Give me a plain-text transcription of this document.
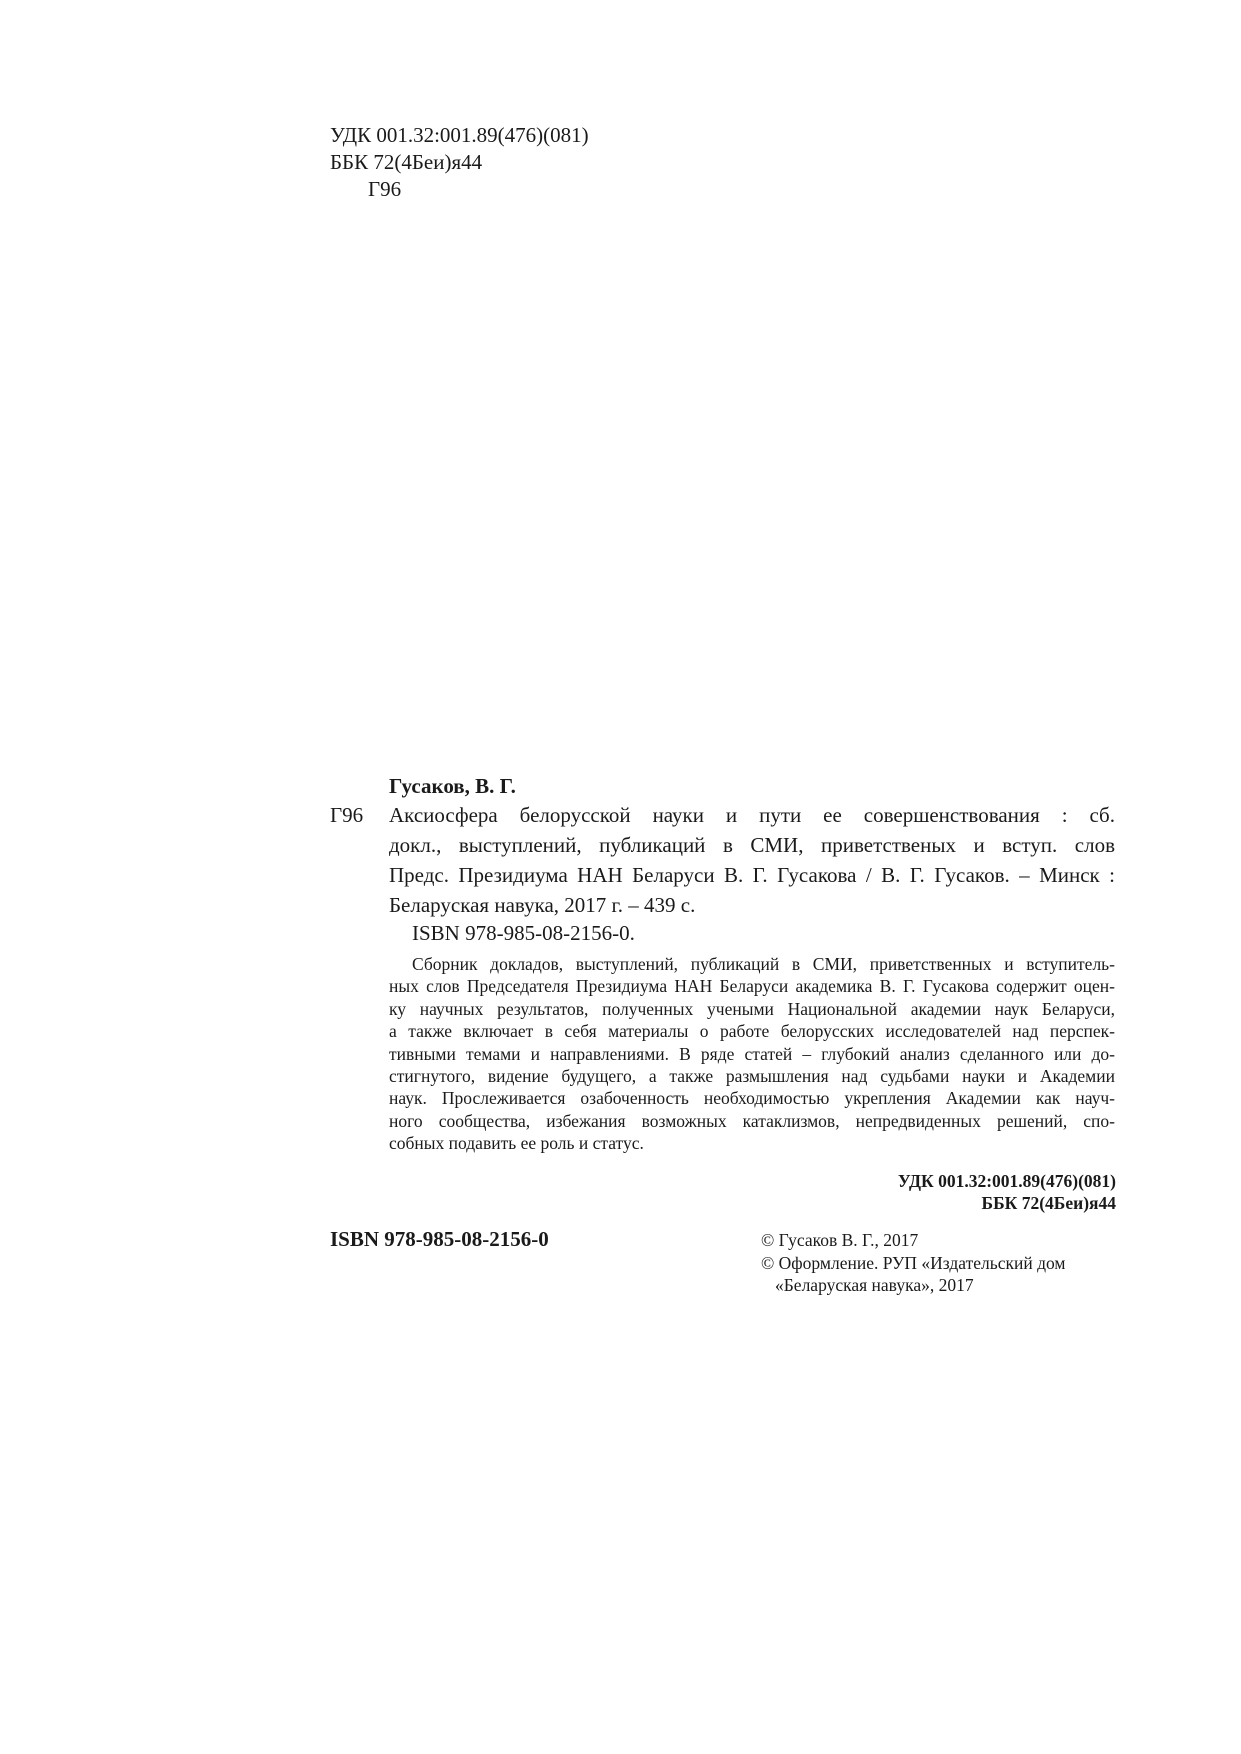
УДК 001.32:001.89(476)(081)
ББК 72(4Беи)я44
Г96
Гусаков, В. Г.
Г96 Аксиосфера белорусской науки и пути ее совершенствования : сб.
докл., выступлений, публикаций в СМИ, приветственых и вступ. слов
Предс. Президиума НАН Беларуси В. Г. Гусакова / В. Г. Гусаков. – Минск :
Беларуская навука, 2017 г. – 439 с.
ISBN 978-985-08-2156-0.
Сборник докладов, выступлений, публикаций в СМИ, приветственных и вступитель-
ных слов Председателя Президиума НАН Беларуси академика В. Г. Гусакова содержит оцен-
ку научных результатов, полученных учеными Национальной академии наук Беларуси,
а также включает в себя материалы о работе белорусских исследователей над перспек-
тивными темами и направлениями. В ряде статей – глубокий анализ сделанного или до-
стигнутого, видение будущего, а также размышления над судьбами науки и Академии
наук. Прослеживается озабоченность необходимостью укрепления Академии как науч-
ного сообщества, избежания возможных катаклизмов, непредвиденных решений, спо-
собных подавить ее роль и статус.
УДК 001.32:001.89(476)(081)
ББК 72(4Беи)я44
ISBN 978-985-08-2156-0	© Гусаков В. Г., 2017
© Оформление. РУП «Издательский дом
«Беларуская навука», 2017
